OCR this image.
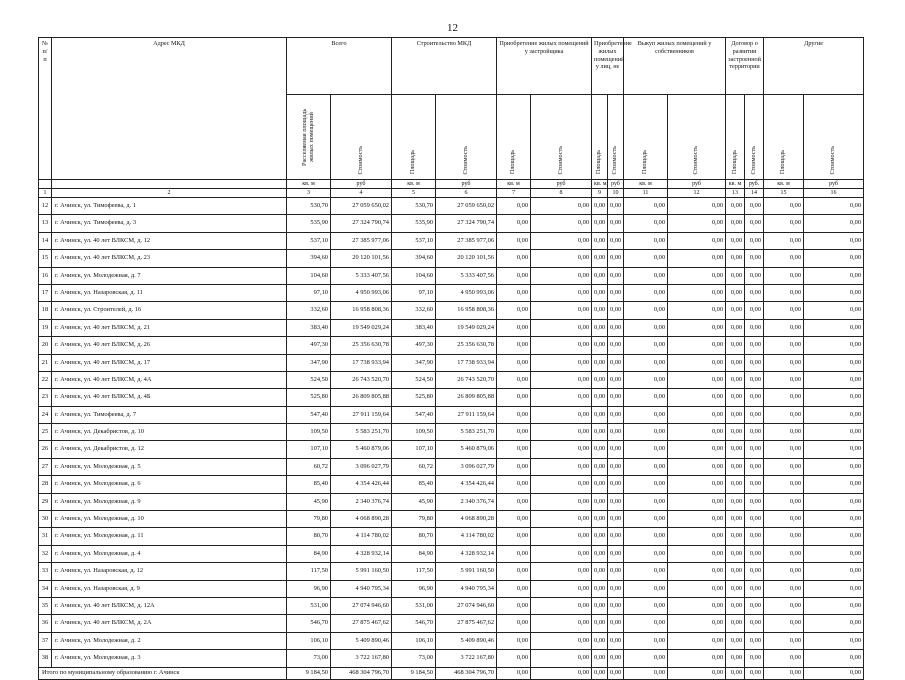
12
№ п/п	Адрес МКД	Всего		Строительство МКД		Приобретение жилых помещений у застройщика		Приобретение жилых помещений у лиц, не		Выкуп жилых помещений у собственников		Договор о развитии застроенной территории		Другие	
		Расселяемая площадь жилых помещений	Стоимость	Площадь	Стоимость	Площадь	Стоимость	Площадь	Стоимость	Площадь	Стоимость	Площадь	Стоимость	Площадь	Стоимость
		кв. м	руб	кв. м	руб	кв. м	руб	кв. м	руб	кв. м	руб	кв. м	руб.	кв. м	руб
1	2	3	4	5	6	7	8	9	10	11	12	13	14	15	16
12	г. Ачинск, ул. Тимофеева, д. 1	530,70	27 059 650,02	530,70	27 059 650,02	0,00	0,00	0,00	0,00	0,00	0,00	0,00	0,00	0,00	0,00
13	г. Ачинск, ул. Тимофеева, д. 3	535,90	27 324 790,74	535,90	27 324 790,74	0,00	0,00	0,00	0,00	0,00	0,00	0,00	0,00	0,00	0,00
14	г. Ачинск, ул. 40 лет ВЛКСМ, д. 12	537,10	27 385 977,06	537,10	27 385 977,06	0,00	0,00	0,00	0,00	0,00	0,00	0,00	0,00	0,00	0,00
15	г. Ачинск, ул. 40 лет ВЛКСМ, д. 23	394,60	20 120 101,56	394,60	20 120 101,56	0,00	0,00	0,00	0,00	0,00	0,00	0,00	0,00	0,00	0,00
16	г. Ачинск, ул. Молодежная, д. 7	104,60	5 333 407,56	104,60	5 333 407,56	0,00	0,00	0,00	0,00	0,00	0,00	0,00	0,00	0,00	0,00
17	г. Ачинск, ул. Назаровская, д. 11	97,10	4 950 993,06	97,10	4 950 993,06	0,00	0,00	0,00	0,00	0,00	0,00	0,00	0,00	0,00	0,00
18	г. Ачинск, ул. Строителей, д. 16	332,60	16 958 808,36	332,60	16 958 808,36	0,00	0,00	0,00	0,00	0,00	0,00	0,00	0,00	0,00	0,00
19	г. Ачинск, ул. 40 лет ВЛКСМ, д. 21	383,40	19 549 029,24	383,40	19 549 029,24	0,00	0,00	0,00	0,00	0,00	0,00	0,00	0,00	0,00	0,00
20	г. Ачинск, ул. 40 лет ВЛКСМ, д. 26	497,30	25 356 630,78	497,30	25 356 630,78	0,00	0,00	0,00	0,00	0,00	0,00	0,00	0,00	0,00	0,00
21	г. Ачинск, ул. 40 лет ВЛКСМ, д. 17	347,90	17 738 933,94	347,90	17 738 933,94	0,00	0,00	0,00	0,00	0,00	0,00	0,00	0,00	0,00	0,00
22	г. Ачинск, ул. 40 лет ВЛКСМ, д. 4А	524,50	26 743 520,70	524,50	26 743 520,70	0,00	0,00	0,00	0,00	0,00	0,00	0,00	0,00	0,00	0,00
23	г. Ачинск, ул. 40 лет ВЛКСМ, д. 4Б	525,80	26 809 805,88	525,80	26 809 805,88	0,00	0,00	0,00	0,00	0,00	0,00	0,00	0,00	0,00	0,00
24	г. Ачинск, ул. Тимофеева, д. 7	547,40	27 911 159,64	547,40	27 911 159,64	0,00	0,00	0,00	0,00	0,00	0,00	0,00	0,00	0,00	0,00
25	г. Ачинск, ул. Декабристов, д. 10	109,50	5 583 251,70	109,50	5 583 251,70	0,00	0,00	0,00	0,00	0,00	0,00	0,00	0,00	0,00	0,00
26	г. Ачинск, ул. Декабристов, д. 12	107,10	5 460 879,06	107,10	5 460 879,06	0,00	0,00	0,00	0,00	0,00	0,00	0,00	0,00	0,00	0,00
27	г. Ачинск, ул. Молодежная, д. 5	60,72	3 096 027,79	60,72	3 096 027,79	0,00	0,00	0,00	0,00	0,00	0,00	0,00	0,00	0,00	0,00
28	г. Ачинск, ул. Молодежная, д. 6	85,40	4 354 426,44	85,40	4 354 426,44	0,00	0,00	0,00	0,00	0,00	0,00	0,00	0,00	0,00	0,00
29	г. Ачинск, ул. Молодежная, д. 9	45,90	2 340 376,74	45,90	2 340 376,74	0,00	0,00	0,00	0,00	0,00	0,00	0,00	0,00	0,00	0,00
30	г. Ачинск, ул. Молодежная, д. 10	79,80	4 068 890,28	79,80	4 068 890,28	0,00	0,00	0,00	0,00	0,00	0,00	0,00	0,00	0,00	0,00
31	г. Ачинск, ул. Молодежная, д. 11	80,70	4 114 780,02	80,70	4 114 780,02	0,00	0,00	0,00	0,00	0,00	0,00	0,00	0,00	0,00	0,00
32	г. Ачинск, ул. Молодежная, д. 4	84,90	4 328 932,14	84,90	4 328 932,14	0,00	0,00	0,00	0,00	0,00	0,00	0,00	0,00	0,00	0,00
33	г. Ачинск, ул. Назаровская, д. 12	117,50	5 991 160,50	117,50	5 991 160,50	0,00	0,00	0,00	0,00	0,00	0,00	0,00	0,00	0,00	0,00
34	г. Ачинск, ул. Назаровская, д. 9	96,90	4 940 795,34	96,90	4 940 795,34	0,00	0,00	0,00	0,00	0,00	0,00	0,00	0,00	0,00	0,00
35	г. Ачинск, ул. 40 лет ВЛКСМ, д. 12А	531,00	27 074 946,60	531,00	27 074 946,60	0,00	0,00	0,00	0,00	0,00	0,00	0,00	0,00	0,00	0,00
36	г. Ачинск, ул. 40 лет ВЛКСМ, д. 2А	546,70	27 875 467,62	546,70	27 875 467,62	0,00	0,00	0,00	0,00	0,00	0,00	0,00	0,00	0,00	0,00
37	г. Ачинск, ул. Молодежная, д. 2	106,10	5 409 890,46	106,10	5 409 890,46	0,00	0,00	0,00	0,00	0,00	0,00	0,00	0,00	0,00	0,00
38	г. Ачинск, ул. Молодежная, д. 3	73,00	3 722 167,80	73,00	3 722 167,80	0,00	0,00	0,00	0,00	0,00	0,00	0,00	0,00	0,00	0,00
Итого по муниципальному образованию г. Ачинск		9 184,50	468 304 796,70	9 184,50	468 304 796,70	0,00	0,00	0,00	0,00	0,00	0,00	0,00	0,00	0,00	0,00
